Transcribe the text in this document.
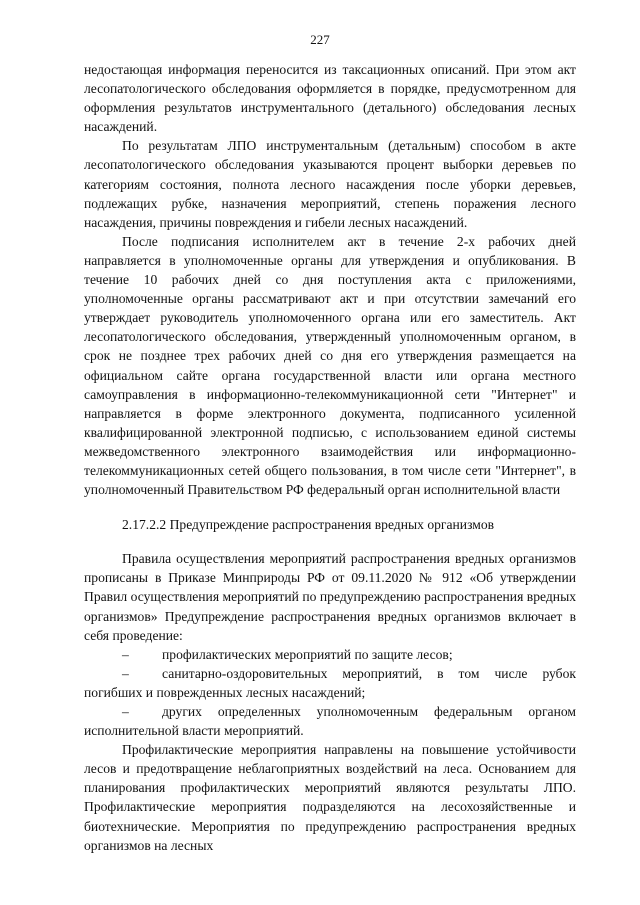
227

недостающая информация переносится из таксационных описаний. При этом акт лесопатологического обследования оформляется в порядке, предусмотренном для оформления результатов инструментального (детального) обследования лесных насаждений.

По результатам ЛПО инструментальным (детальным) способом в акте лесопатологического обследования указываются процент выборки деревьев по категориям состояния, полнота лесного насаждения после уборки деревьев, подлежащих рубке, назначения мероприятий, степень поражения лесного насаждения, причины повреждения и гибели лесных насаждений.

После подписания исполнителем акт в течение 2-х рабочих дней направляется в уполномоченные органы для утверждения и опубликования. В течение 10 рабочих дней со дня поступления акта с приложениями, уполномоченные органы рассматривают акт и при отсутствии замечаний его утверждает руководитель уполномоченного органа или его заместитель. Акт лесопатологического обследования, утвержденный уполномоченным органом, в срок не позднее трех рабочих дней со дня его утверждения размещается на официальном сайте органа государственной власти или органа местного самоуправления в информационно-телекоммуникационной сети "Интернет" и направляется в форме электронного документа, подписанного усиленной квалифицированной электронной подписью, с использованием единой системы межведомственного электронного взаимодействия или информационно-телекоммуникационных сетей общего пользования, в том числе сети "Интернет", в уполномоченный Правительством РФ федеральный орган исполнительной власти

2.17.2.2 Предупреждение распространения вредных организмов

Правила осуществления мероприятий распространения вредных организмов прописаны в Приказе Минприроды РФ от 09.11.2020 № 912 «Об утверждении Правил осуществления мероприятий по предупреждению распространения вредных организмов» Предупреждение распространения вредных организмов включает в себя проведение:

– профилактических мероприятий по защите лесов;

– санитарно-оздоровительных мероприятий, в том числе рубок погибших и поврежденных лесных насаждений;

– других определенных уполномоченным федеральным органом исполнительной власти мероприятий.

Профилактические мероприятия направлены на повышение устойчивости лесов и предотвращение неблагоприятных воздействий на леса. Основанием для планирования профилактических мероприятий являются результаты ЛПО. Профилактические мероприятия подразделяются на лесохозяйственные и биотехнические. Мероприятия по предупреждению распространения вредных организмов на лесных
